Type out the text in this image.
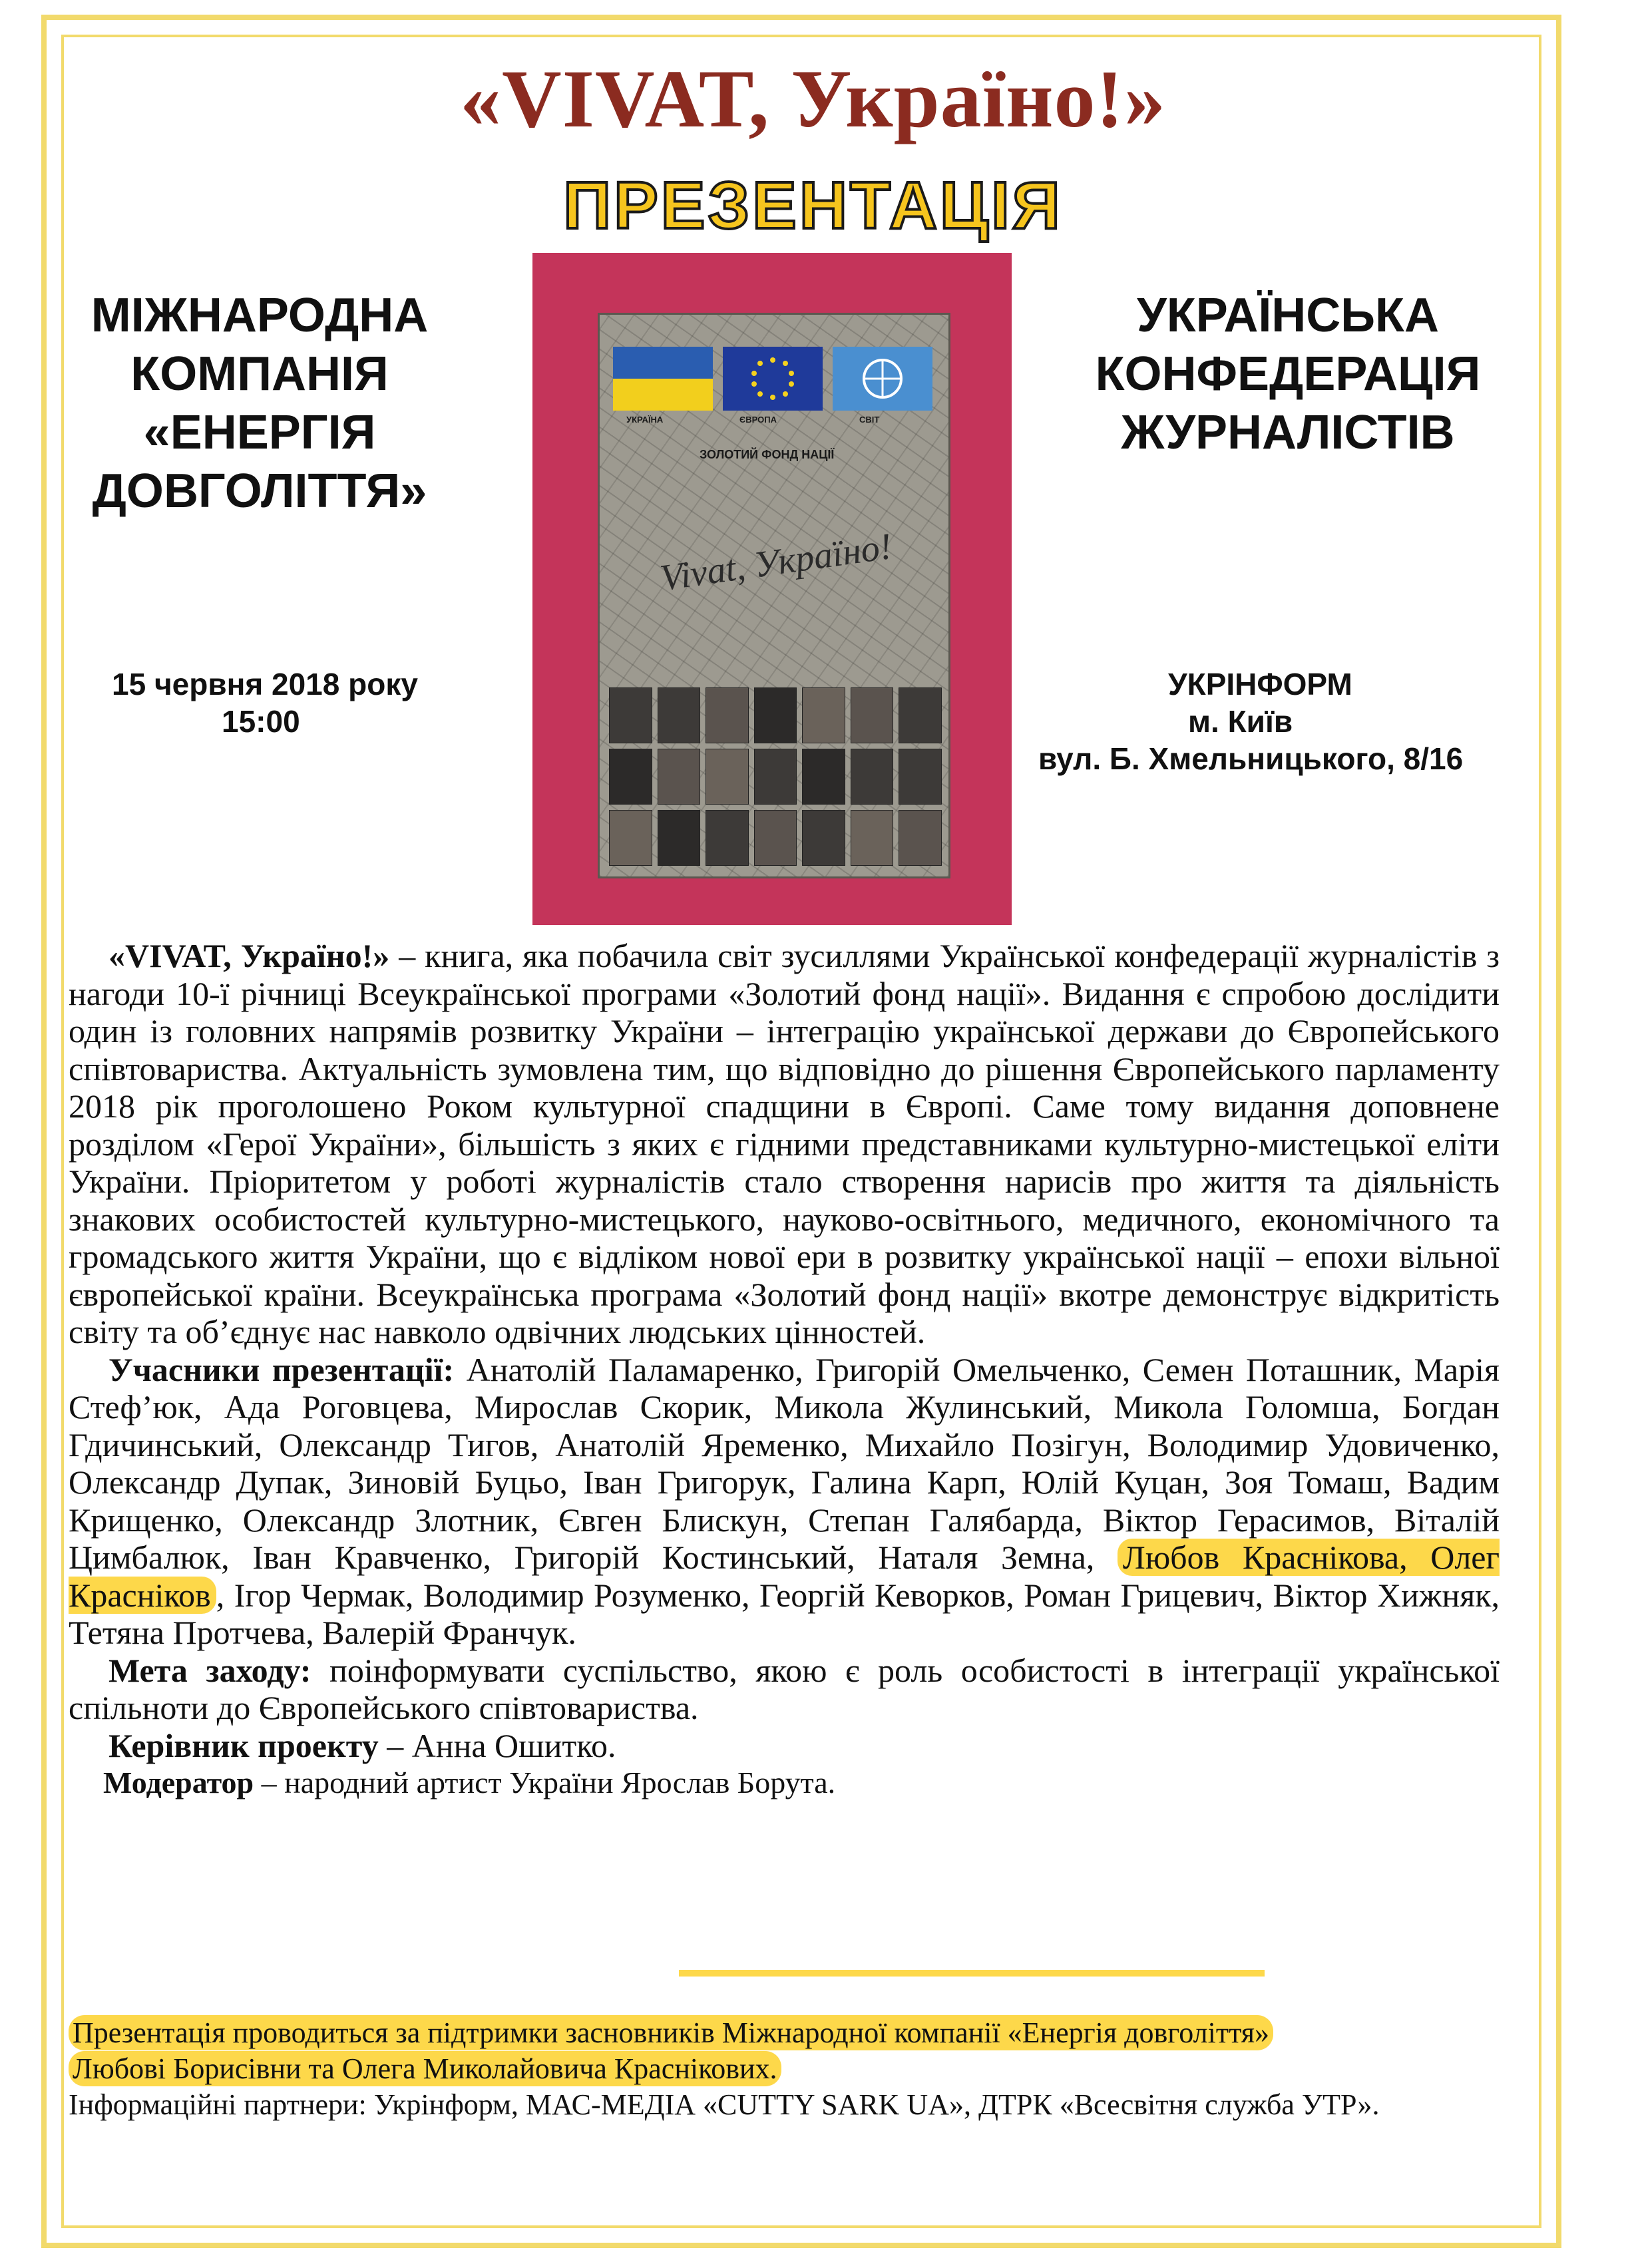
«VIVAT, Україно!»
ПРЕЗЕНТАЦІЯ
МІЖНАРОДНА
КОМПАНІЯ
«ЕНЕРГІЯ
ДОВГОЛІТТЯ»
УКРАЇНСЬКА
КОНФЕДЕРАЦІЯ
ЖУРНАЛІСТІВ
15 червня 2018 року
15:00
УКРІНФОРМ
м. Київ
вул. Б. Хмельницького, 8/16
УКРАЇНА	ЄВРОПА	СВІТ
ЗОЛОТИЙ ФОНД НАЦІЇ
Vivat, Україно!

«VIVAT, Україно!» – книга, яка побачила світ зусиллями Української конфедерації журналістів з нагоди 10-ї річниці Всеукраїнської програми «Золотий фонд нації». Видання є спробою дослідити один із головних напрямів розвитку України – інтеграцію української держави до Європейського співтовариства. Актуальність зумовлена тим, що відповідно до рішення Європейського парламенту 2018 рік проголошено Роком культурної спадщини в Європі. Саме тому видання доповнене розділом «Герої України», більшість з яких є гідними представниками культурно-мистецької еліти України. Пріоритетом у роботі журналістів стало створення нарисів про життя та діяльність знакових особистостей культурно-мистецького, науково-освітнього, медичного, економічного та громадського життя України, що є відліком нової ери в розвитку української нації – епохи вільної європейської країни. Всеукраїнська програма «Золотий фонд нації» вкотре демонструє відкритість світу та об’єднує нас навколо одвічних людських цінностей.

Учасники презентації: Анатолій Паламаренко, Григорій Омельченко, Семен Поташник, Марія Стеф’юк, Ада Роговцева, Мирослав Скорик, Микола Жулинський, Микола Голомша, Богдан Гдичинський, Олександр Тигов, Анатолій Яременко, Михайло Позігун, Володимир Удовиченко, Олександр Дупак, Зиновій Буцьо, Іван Григорук, Галина Карп, Юлій Куцан, Зоя Томаш, Вадим Крищенко, Олександр Злотник, Євген Блискун, Степан Галябарда, Віктор Герасимов, Віталій Цимбалюк, Іван Кравченко, Григорій Костинський, Наталя Земна, Любов Краснікова, Олег Красніков , Ігор Чермак, Володимир Розуменко, Георгій Кеворков, Роман Грицевич, Віктор Хижняк, Тетяна Протчева, Валерій Франчук.

Мета заходу: поінформувати суспільство, якою є роль особистості в інтеграції української спільноти до Європейського співтовариства.

Керівник проекту – Анна Ошитко.

Модератор – народний артист України Ярослав Борута.

Презентація проводиться за підтримки засновників Міжнародної компанії «Енергія довголіття»
Любові Борисівни та Олега Миколайовича Краснікових.
Інформаційні партнери: Укрінформ, МАС-МЕДІА «CUTTY SARK UA», ДТРК «Всесвітня служба УТР».
